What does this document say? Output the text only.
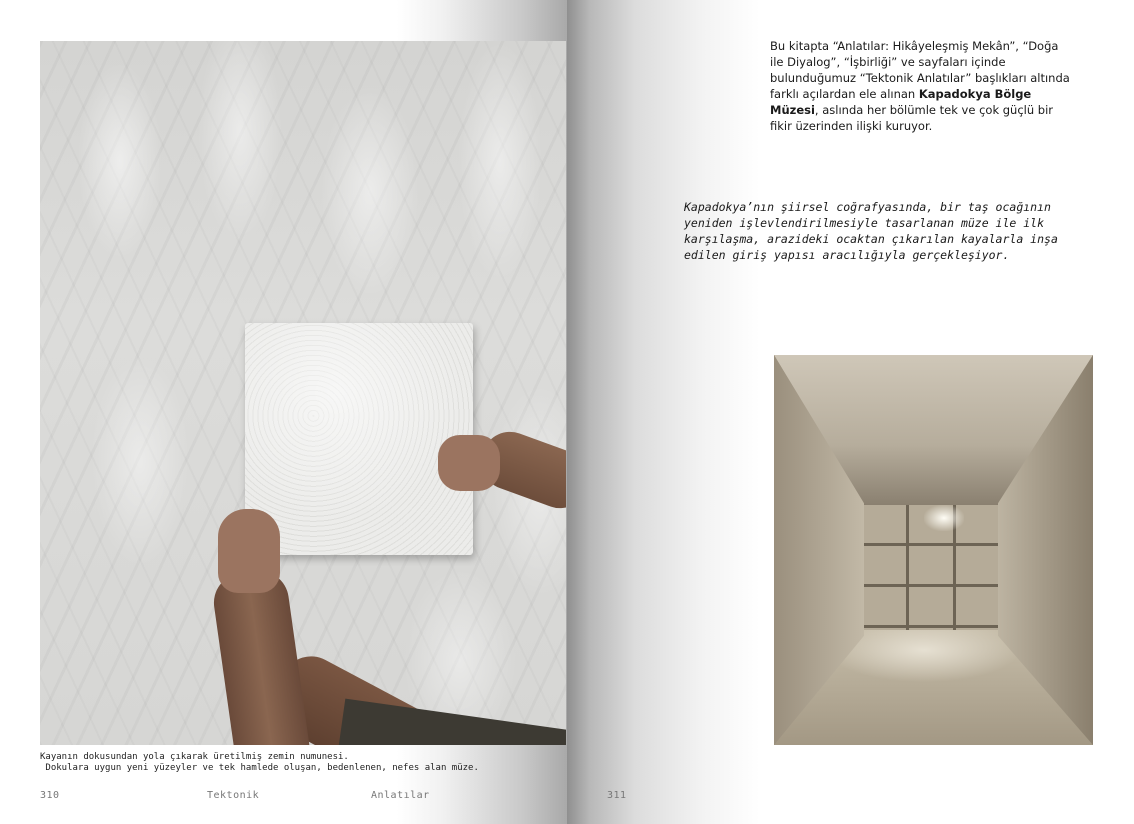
Kayanın dokusundan yola çıkarak üretilmiş zemin numunesi.
Dokulara uygun yeni yüzeyler ve tek hamlede oluşan, bedenlenen, nefes alan müze.
310	Tektonik	Anlatılar
Bu kitapta “Anlatılar: Hikâyeleşmiş Mekân”, “Doğa ile Diyalog”, “İşbirliği” ve sayfaları içinde bulunduğumuz “Tektonik Anlatılar” başlıkları altında farklı açılardan ele alınan Kapadokya Bölge Müzesi, aslında her bölümle tek ve çok güçlü bir fikir üzerinden ilişki kuruyor.
Kapadokya’nın şiirsel coğrafyasında, bir taş ocağının yeniden işlevlendirilmesiyle tasarlanan müze ile ilk karşılaşma, arazideki ocaktan çıkarılan kayalarla inşa edilen giriş yapısı aracılığıyla gerçekleşiyor.
311
